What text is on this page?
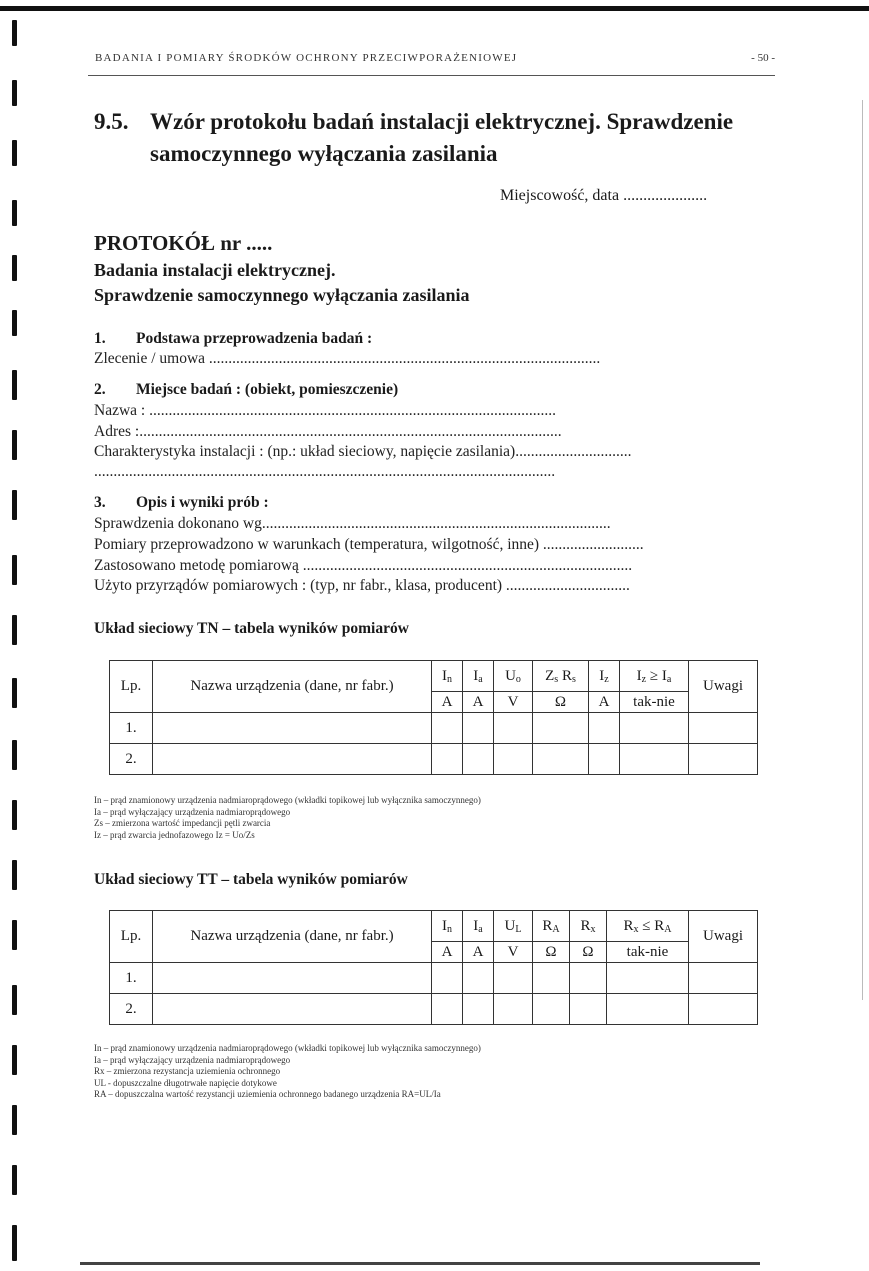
BADANIA I POMIARY ŚRODKÓW OCHRONY PRZECIWPORAŻENIOWEJ	- 50 -
9.5. Wzór protokołu badań instalacji elektrycznej. Sprawdzenie
samoczynnego wyłączania zasilania
Miejscowość, data .....................
PROTOKÓŁ nr .....
Badania instalacji elektrycznej.
Sprawdzenie samoczynnego wyłączania zasilania
1. Podstawa przeprowadzenia badań :
Zlecenie / umowa .....................................................................................................
2. Miejsce badań : (obiekt, pomieszczenie)
Nazwa : .........................................................................................................
Adres :.............................................................................................................
Charakterystyka instalacji : (np.: układ sieciowy, napięcie zasilania)..............................
.......................................................................................................................
3. Opis i wyniki prób :
Sprawdzenia dokonano wg..........................................................................................
Pomiary przeprowadzono w warunkach (temperatura, wilgotność, inne) ..........................
Zastosowano metodę pomiarową .....................................................................................
Użyto przyrządów pomiarowych : (typ, nr fabr., klasa, producent) ................................
Układ sieciowy TN – tabela wyników pomiarów
Lp.	Nazwa urządzenia (dane, nr fabr.)	$I_n$	$I_a$	$U_o$	$Z_s$ $R_s$	$I_z$	$I_z \ge I_a$	Uwagi
		A	A	V	Ω	A	tak-nie	
1.								
2.								
In – prąd znamionowy urządzenia nadmiaroprądowego (wkładki topikowej lub wyłącznika samoczynnego)
Ia – prąd wyłączający urządzenia nadmiaroprądowego
Zs – zmierzona wartość impedancji pętli zwarcia
Iz – prąd zwarcia jednofazowego Iz = Uo/Zs
Układ sieciowy TT – tabela wyników pomiarów
Lp.	Nazwa urządzenia (dane, nr fabr.)	$I_n$	$I_a$	$U_L$	$R_A$	$R_x$	$R_x \le R_A$	Uwagi
		A	A	V	Ω	Ω	tak-nie	
1.								
2.								
In – prąd znamionowy urządzenia nadmiaroprądowego (wkładki topikowej lub wyłącznika samoczynnego)
Ia – prąd wyłączający urządzenia nadmiaroprądowego
Rx – zmierzona rezystancja uziemienia ochronnego
UL - dopuszczalne długotrwałe napięcie dotykowe
RA – dopuszczalna wartość rezystancji uziemienia ochronnego badanego urządzenia RA=UL/Ia
